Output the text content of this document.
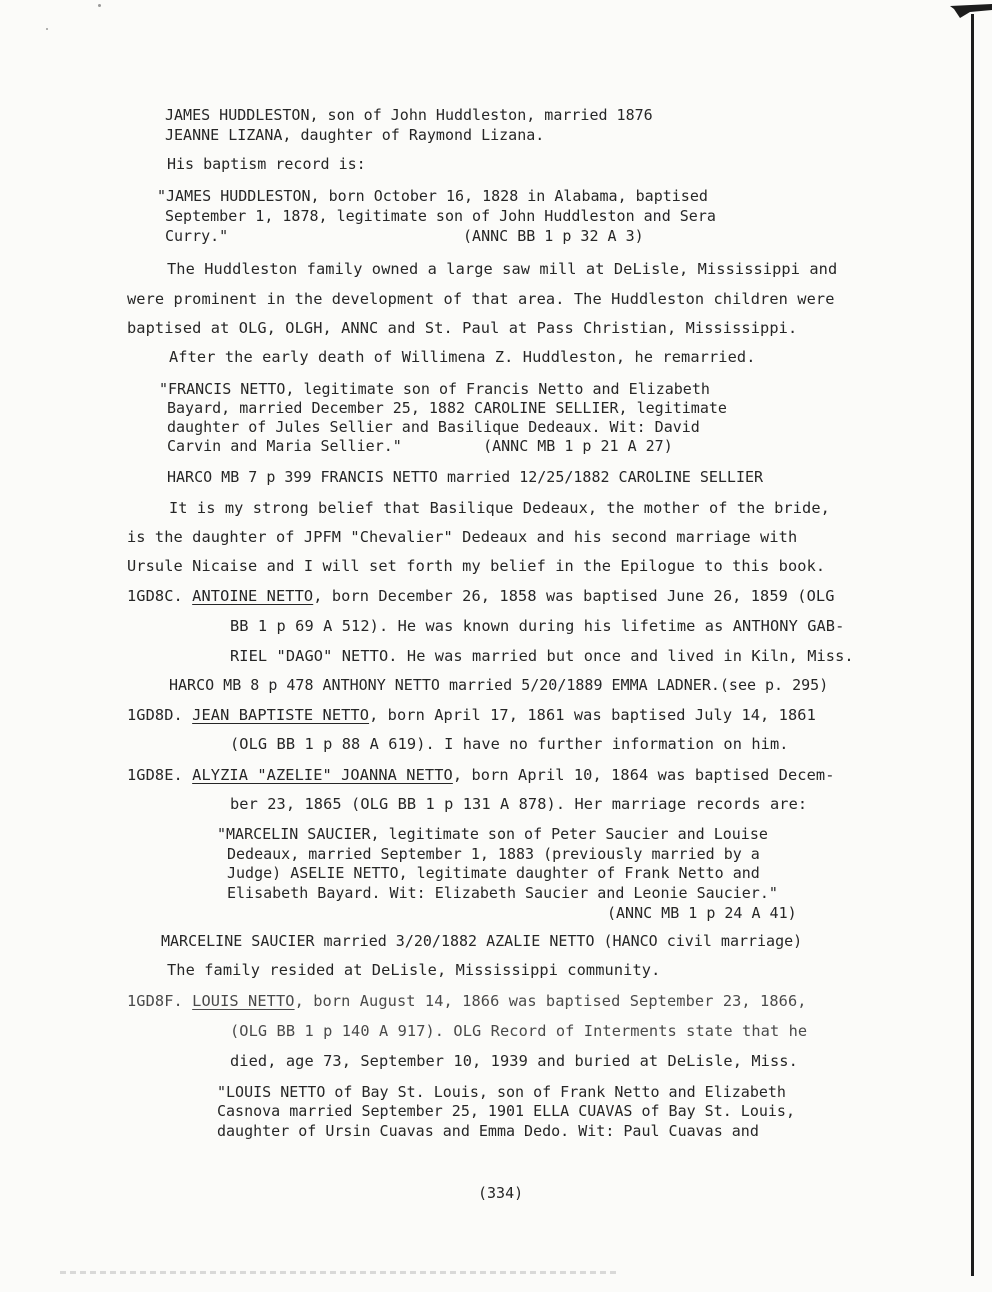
JAMES HUDDLESTON, son of John Huddleston, married 1876
JEANNE LIZANA, daughter of Raymond Lizana.
His baptism record is:
"JAMES HUDDLESTON, born October 16, 1828 in Alabama, baptised
September 1, 1878, legitimate son of John Huddleston and Sera
Curry."                          (ANNC BB 1 p 32 A 3)
The Huddleston family owned a large saw mill at DeLisle, Mississippi and
were prominent in the development of that area. The Huddleston children were
baptised at OLG, OLGH, ANNC and St. Paul at Pass Christian, Mississippi.
After the early death of Willimena Z. Huddleston, he remarried.
"FRANCIS NETTO, legitimate son of Francis Netto and Elizabeth
Bayard, married December 25, 1882 CAROLINE SELLIER, legitimate
daughter of Jules Sellier and Basilique Dedeaux. Wit: David
Carvin and Maria Sellier."         (ANNC MB 1 p 21 A 27)
HARCO MB 7 p 399 FRANCIS NETTO married 12/25/1882 CAROLINE SELLIER
It is my strong belief that Basilique Dedeaux, the mother of the bride,
is the daughter of JPFM "Chevalier" Dedeaux and his second marriage with
Ursule Nicaise and I will set forth my belief in the Epilogue to this book.
1GD8C. ANTOINE NETTO, born December 26, 1858 was baptised June 26, 1859 (OLG
BB 1 p 69 A 512). He was known during his lifetime as ANTHONY GAB-
RIEL "DAGO" NETTO. He was married but once and lived in Kiln, Miss.
HARCO MB 8 p 478 ANTHONY NETTO married 5/20/1889 EMMA LADNER.(see p. 295)
1GD8D. JEAN BAPTISTE NETTO, born April 17, 1861 was baptised July 14, 1861
(OLG BB 1 p 88 A 619). I have no further information on him.
1GD8E. ALYZIA "AZELIE" JOANNA NETTO, born April 10, 1864 was baptised Decem-
ber 23, 1865 (OLG BB 1 p 131 A 878). Her marriage records are:
"MARCELIN SAUCIER, legitimate son of Peter Saucier and Louise
Dedeaux, married September 1, 1883 (previously married by a
Judge) ASELIE NETTO, legitimate daughter of Frank Netto and
Elisabeth Bayard. Wit: Elizabeth Saucier and Leonie Saucier."
(ANNC MB 1 p 24 A 41)
MARCELINE SAUCIER married 3/20/1882 AZALIE NETTO (HANCO civil marriage)
The family resided at DeLisle, Mississippi community.
1GD8F. LOUIS NETTO, born August 14, 1866 was baptised September 23, 1866,
(OLG BB 1 p 140 A 917). OLG Record of Interments state that he
died, age 73, September 10, 1939 and buried at DeLisle, Miss.
"LOUIS NETTO of Bay St. Louis, son of Frank Netto and Elizabeth
Casnova married September 25, 1901 ELLA CUAVAS of Bay St. Louis,
daughter of Ursin Cuavas and Emma Dedo. Wit: Paul Cuavas and
(334)
